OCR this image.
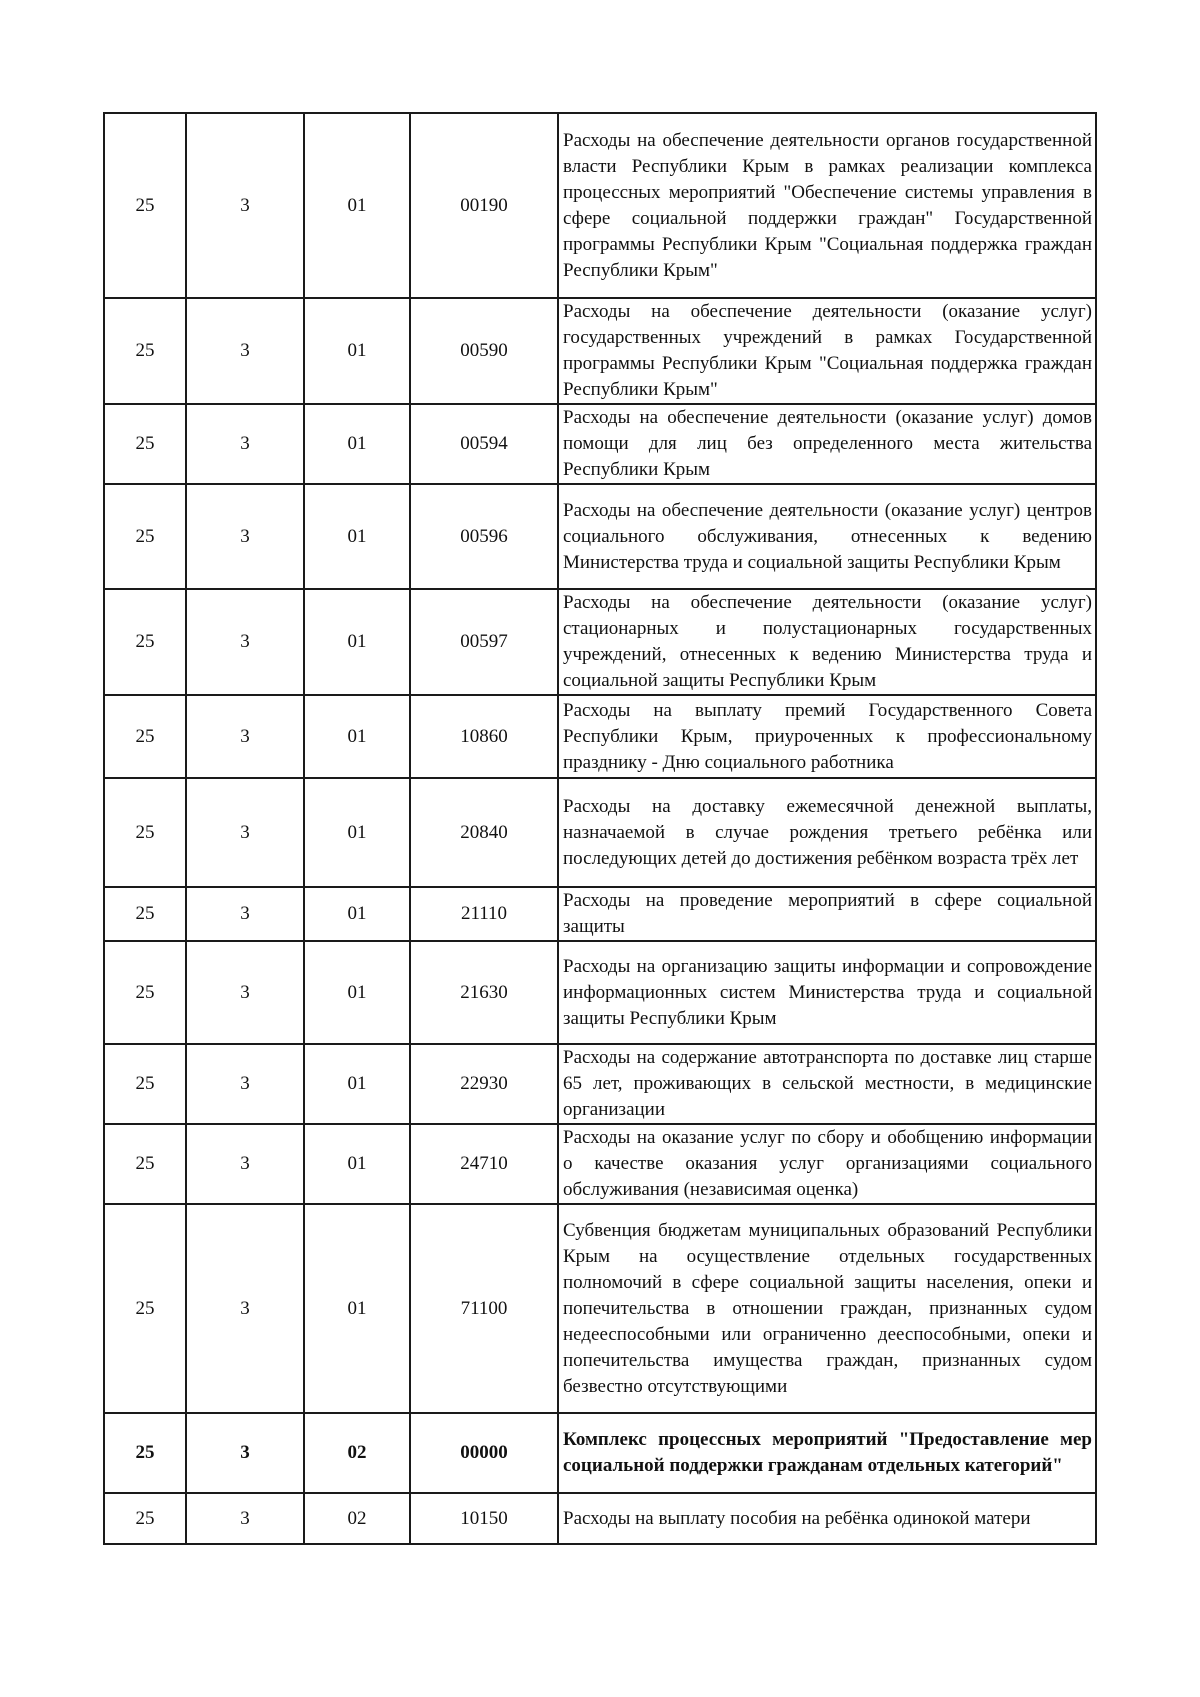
25	3	01	00190	Расходы на обеспечение деятельности органов государственной власти Республики Крым в рамках реализации комплекса процессных мероприятий "Обеспечение системы управления в сфере социальной поддержки граждан" Государственной программы Республики Крым "Социальная поддержка граждан Республики Крым"
25	3	01	00590	Расходы на обеспечение деятельности (оказание услуг) государственных учреждений в рамках Государственной программы Республики Крым "Социальная поддержка граждан Республики Крым"
25	3	01	00594	Расходы на обеспечение деятельности (оказание услуг) домов помощи для лиц без определенного места жительства Республики Крым
25	3	01	00596	Расходы на обеспечение деятельности (оказание услуг) центров социального обслуживания, отнесенных к ведению Министерства труда и социальной защиты Республики Крым
25	3	01	00597	Расходы на обеспечение деятельности (оказание услуг) стационарных и полустационарных государственных учреждений, отнесенных к ведению Министерства труда и социальной защиты Республики Крым
25	3	01	10860	Расходы на выплату премий Государственного Совета Республики Крым, приуроченных к профессиональному празднику - Дню социального работника
25	3	01	20840	Расходы на доставку ежемесячной денежной выплаты, назначаемой в случае рождения третьего ребёнка или последующих детей до достижения ребёнком возраста трёх лет
25	3	01	21110	Расходы на проведение мероприятий в сфере социальной защиты
25	3	01	21630	Расходы на организацию защиты информации и сопровождение информационных систем Министерства труда и социальной защиты Республики Крым
25	3	01	22930	Расходы на содержание автотранспорта по доставке лиц старше 65 лет, проживающих в сельской местности, в медицинские организации
25	3	01	24710	Расходы на оказание услуг по сбору и обобщению информации о качестве оказания услуг организациями социального обслуживания (независимая оценка)
25	3	01	71100	Субвенция бюджетам муниципальных образований Республики Крым на осуществление отдельных государственных полномочий в сфере социальной защиты населения, опеки и попечительства в отношении граждан, признанных судом недееспособными или ограниченно дееспособными, опеки и попечительства имущества граждан, признанных судом безвестно отсутствующими
25	3	02	00000	Комплекс процессных мероприятий "Предоставление мер социальной поддержки гражданам отдельных категорий"
25	3	02	10150	Расходы на выплату пособия на ребёнка одинокой матери
